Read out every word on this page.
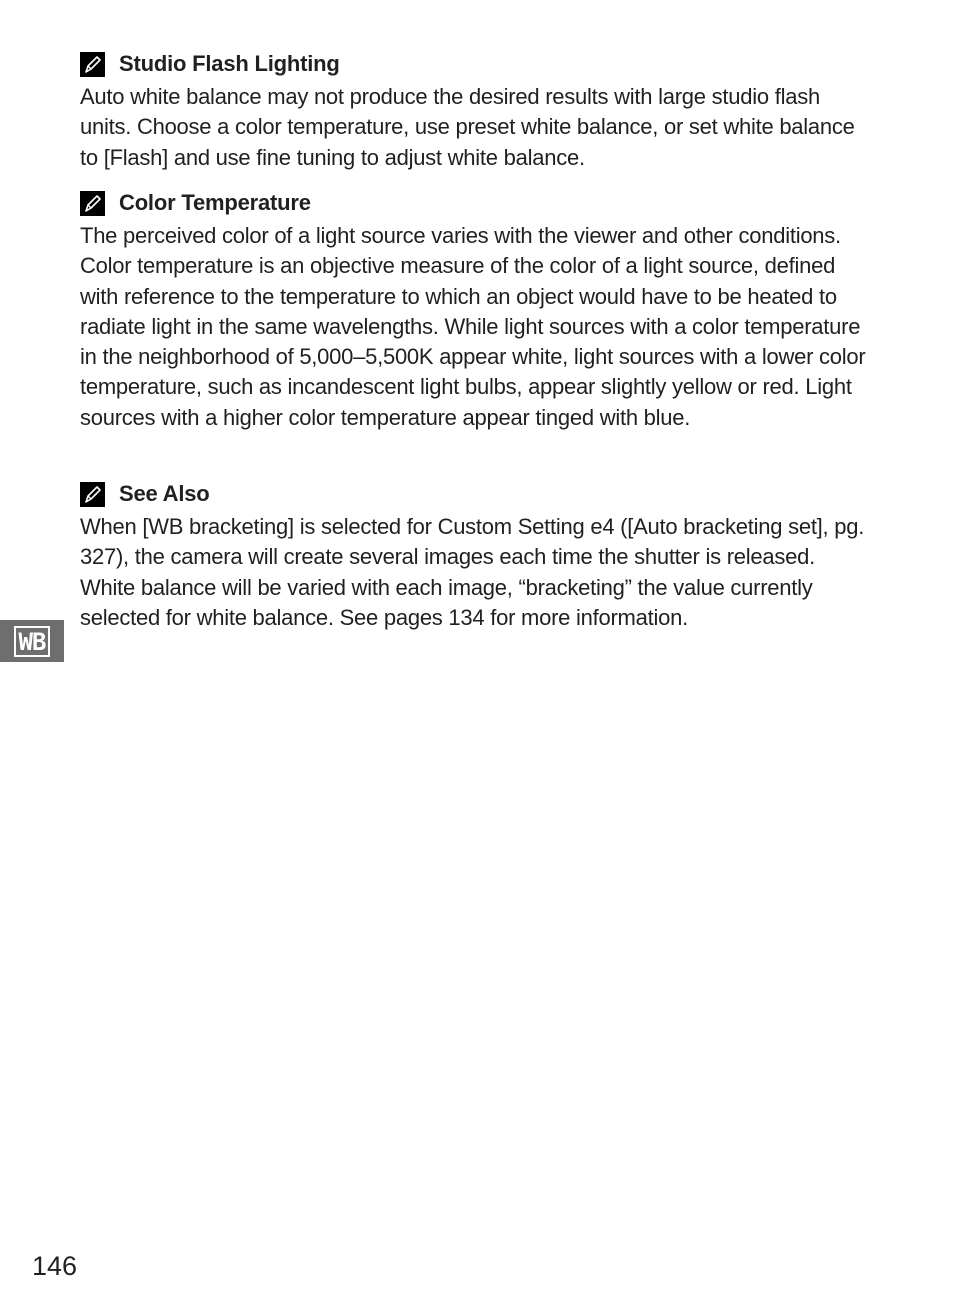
Studio Flash Lighting

Auto white balance may not produce the desired results with large studio flash units. Choose a color temperature, use preset white balance, or set white balance to [Flash] and use fine tuning to adjust white balance.

Color Temperature

The perceived color of a light source varies with the viewer and other conditions. Color temperature is an objective measure of the color of a light source, defined with reference to the temperature to which an object would have to be heated to radiate light in the same wavelengths. While light sources with a color temperature in the neighborhood of 5,000–5,500K appear white, light sources with a lower color temperature, such as incandescent light bulbs, appear slightly yellow or red. Light sources with a higher color temperature appear tinged with blue.

See Also

When [WB bracketing] is selected for Custom Setting e4 ([Auto bracketing set], pg. 327), the camera will create several images each time the shutter is released. White balance will be varied with each image, “bracketing” the value currently selected for white balance. See pages 134 for more information.

WB
146
